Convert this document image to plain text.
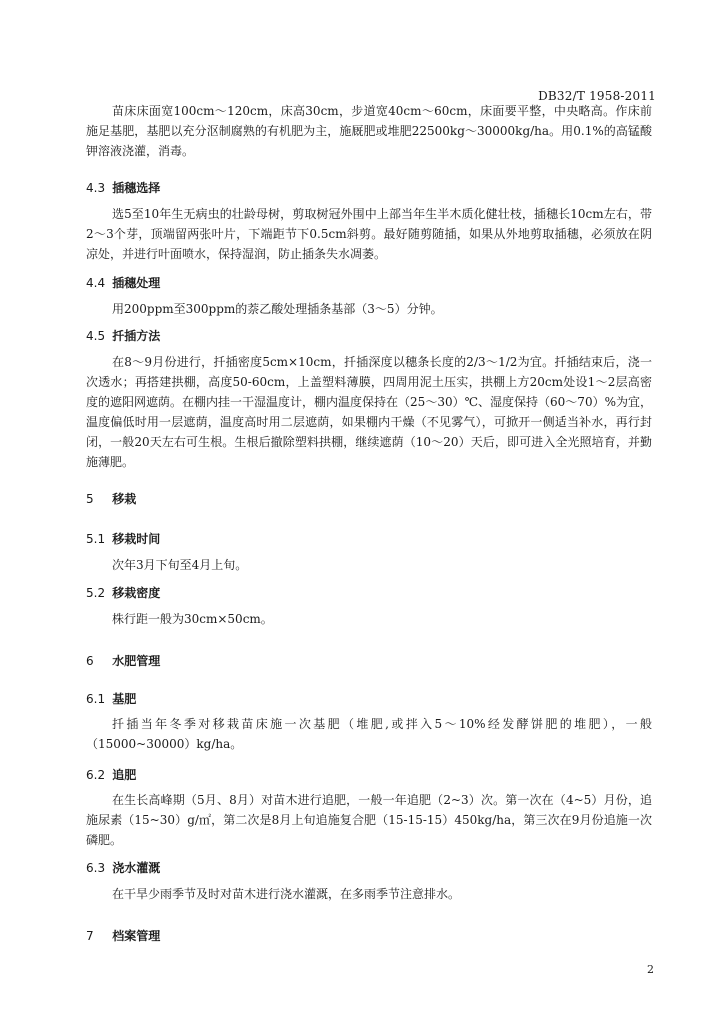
DB32/T 1958-2011

苗床床面宽100cm～120cm，床高30cm，步道宽40cm～60cm，床面要平整，中央略高。作床前施足基肥，基肥以充分沤制腐熟的有机肥为主，施厩肥或堆肥22500kg～30000kg/ha。用0.1%的高锰酸钾溶液浇灌，消毒。

4.3 插穗选择

选5至10年生无病虫的壮龄母树，剪取树冠外围中上部当年生半木质化健壮枝，插穗长10cm左右，带2～3个芽，顶端留两张叶片，下端距节下0.5cm斜剪。最好随剪随插，如果从外地剪取插穗，必须放在阴凉处，并进行叶面喷水，保持湿润，防止插条失水凋萎。

4.4 插穗处理

用200ppm至300ppm的萘乙酸处理插条基部（3～5）分钟。

4.5 扦插方法

在8～9月份进行，扦插密度5cm×10cm，扦插深度以穗条长度的2/3～1/2为宜。扦插结束后，浇一次透水；再搭建拱棚，高度50-60cm，上盖塑料薄膜，四周用泥土压实，拱棚上方20cm处设1～2层高密度的遮阳网遮荫。在棚内挂一干湿温度计，棚内温度保持在（25～30）℃、湿度保持（60～70）%为宜，温度偏低时用一层遮荫，温度高时用二层遮荫，如果棚内干燥（不见雾气），可掀开一侧适当补水，再行封闭，一般20天左右可生根。生根后撤除塑料拱棚，继续遮荫（10～20）天后，即可进入全光照培育，并勤施薄肥。

5 移栽
5.1 移栽时间

次年3月下旬至4月上旬。

5.2 移栽密度

株行距一般为30cm×50cm。

6 水肥管理
6.1 基肥

扦插当年冬季对移栽苗床施一次基肥（堆肥,或拌入5～10%经发酵饼肥的堆肥），一般（15000~30000）kg/ha。

6.2 追肥

在生长高峰期（5月、8月）对苗木进行追肥，一般一年追肥（2~3）次。第一次在（4~5）月份，追施尿素（15~30）g/㎡，第二次是8月上旬追施复合肥（15-15-15）450kg/ha，第三次在9月份追施一次磷肥。

6.3 浇水灌溉

在干旱少雨季节及时对苗木进行浇水灌溉，在多雨季节注意排水。

7 档案管理
2
